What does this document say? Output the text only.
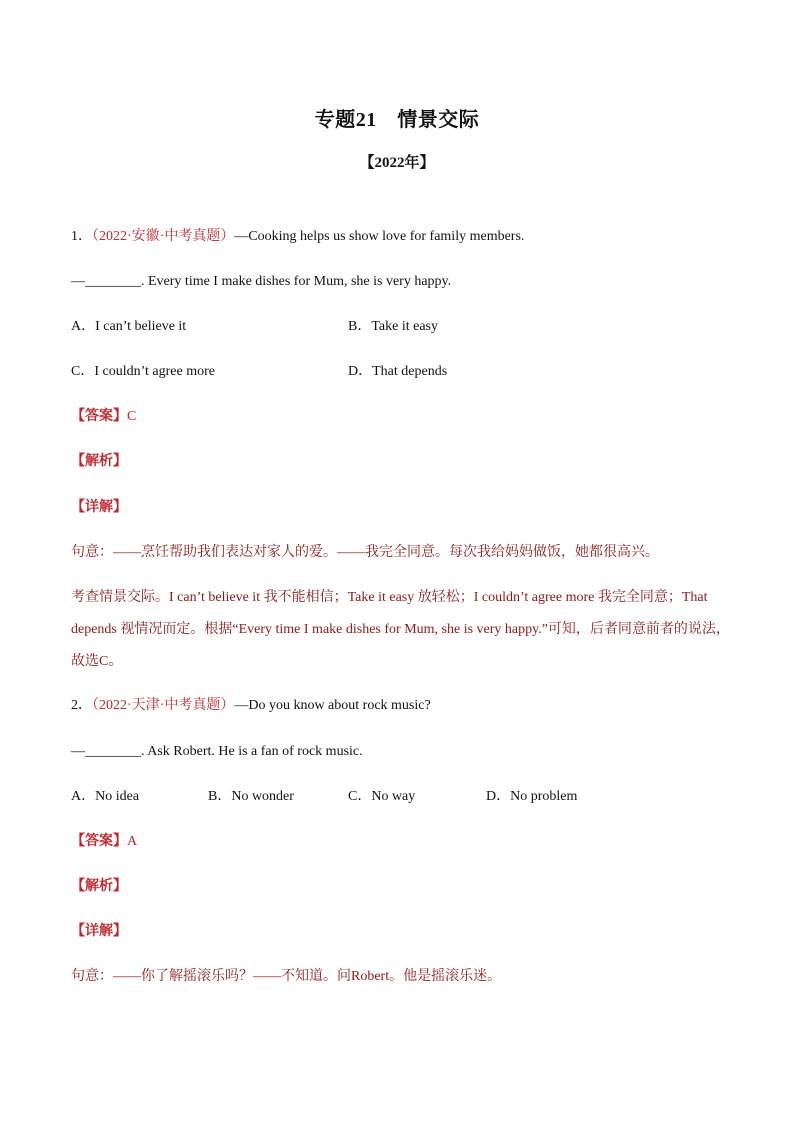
专题21　情景交际
【2022年】
1．（2022·安徽·中考真题）—Cooking helps us show love for family members.
—________. Every time I make dishes for Mum, she is very happy.
A．I can’t believe it	B．Take it easy
C．I couldn’t agree more	D．That depends
【答案】C
【解析】
【详解】
句意：——烹饪帮助我们表达对家人的爱。——我完全同意。每次我给妈妈做饭，她都很高兴。
考查情景交际。I can’t believe it 我不能相信；Take it easy 放轻松；I couldn’t agree more 我完全同意；That depends 视情况而定。根据“Every time I make dishes for Mum, she is very happy.”可知，后者同意前者的说法，故选C。
2．（2022·天津·中考真题）—Do you know about rock music?
—________. Ask Robert. He is a fan of rock music.
A．No idea	B．No wonder	C．No way	D．No problem
【答案】A
【解析】
【详解】
句意：——你了解摇滚乐吗？——不知道。问Robert。他是摇滚乐迷。
